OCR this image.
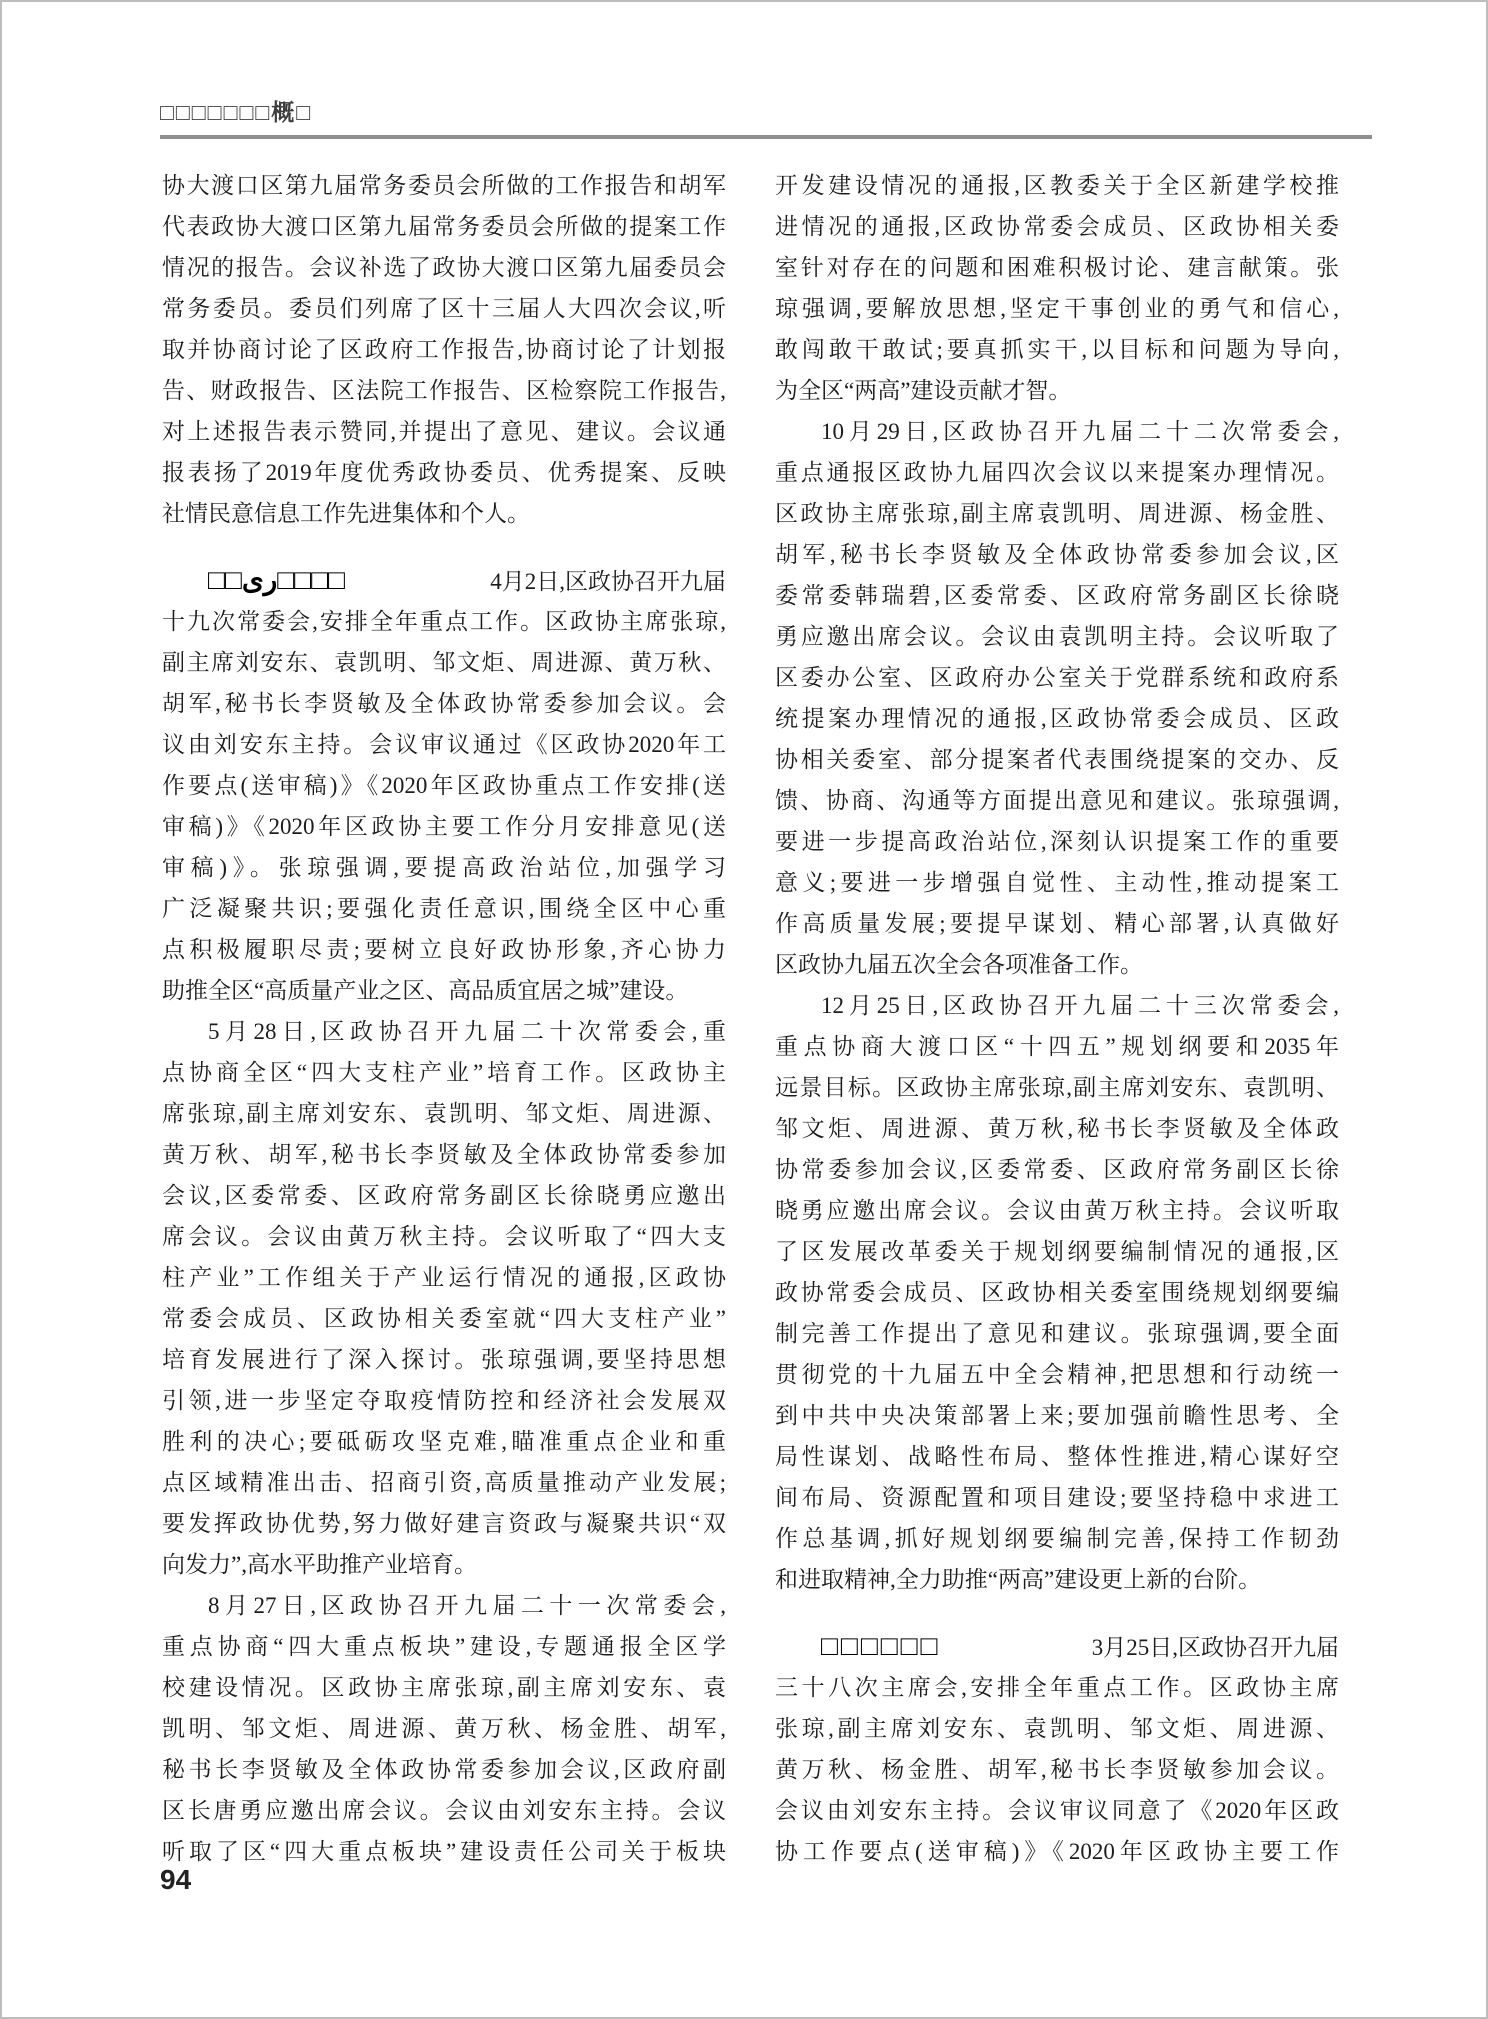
□□□□□□□概□
协大渡口区第九届常务委员会所做的工作报告和胡军
代表政协大渡口区第九届常务委员会所做的提案工作
情况的报告。会议补选了政协大渡口区第九届委员会
常务委员。委员们列席了区十三届人大四次会议,听
取并协商讨论了区政府工作报告,协商讨论了计划报
告、财政报告、区法院工作报告、区检察院工作报告,
对上述报告表示赞同,并提出了意见、建议。会议通
报表扬了2019年度优秀政协委员、优秀提案、反映
社情民意信息工作先进集体和个人。
□□رى□□□□	4月2日,区政协召开九届
十九次常委会,安排全年重点工作。区政协主席张琼,
副主席刘安东、袁凯明、邹文炬、周进源、黄万秋、
胡军,秘书长李贤敏及全体政协常委参加会议。会
议由刘安东主持。会议审议通过《区政协2020年工
作要点(送审稿)》《2020年区政协重点工作安排(送
审稿)》《2020年区政协主要工作分月安排意见(送
审稿)》。张琼强调,要提高政治站位,加强学习
广泛凝聚共识;要强化责任意识,围绕全区中心重
点积极履职尽责;要树立良好政协形象,齐心协力
助推全区“高质量产业之区、高品质宜居之城”建设。
5月28日,区政协召开九届二十次常委会,重
点协商全区“四大支柱产业”培育工作。区政协主
席张琼,副主席刘安东、袁凯明、邹文炬、周进源、
黄万秋、胡军,秘书长李贤敏及全体政协常委参加
会议,区委常委、区政府常务副区长徐晓勇应邀出
席会议。会议由黄万秋主持。会议听取了“四大支
柱产业”工作组关于产业运行情况的通报,区政协
常委会成员、区政协相关委室就“四大支柱产业”
培育发展进行了深入探讨。张琼强调,要坚持思想
引领,进一步坚定夺取疫情防控和经济社会发展双
胜利的决心;要砥砺攻坚克难,瞄准重点企业和重
点区域精准出击、招商引资,高质量推动产业发展;
要发挥政协优势,努力做好建言资政与凝聚共识“双
向发力”,高水平助推产业培育。
8月27日,区政协召开九届二十一次常委会,
重点协商“四大重点板块”建设,专题通报全区学
校建设情况。区政协主席张琼,副主席刘安东、袁
凯明、邹文炬、周进源、黄万秋、杨金胜、胡军,
秘书长李贤敏及全体政协常委参加会议,区政府副
区长唐勇应邀出席会议。会议由刘安东主持。会议
听取了区“四大重点板块”建设责任公司关于板块
开发建设情况的通报,区教委关于全区新建学校推
进情况的通报,区政协常委会成员、区政协相关委
室针对存在的问题和困难积极讨论、建言献策。张
琼强调,要解放思想,坚定干事创业的勇气和信心,
敢闯敢干敢试;要真抓实干,以目标和问题为导向,
为全区“两高”建设贡献才智。
10月29日,区政协召开九届二十二次常委会,
重点通报区政协九届四次会议以来提案办理情况。
区政协主席张琼,副主席袁凯明、周进源、杨金胜、
胡军,秘书长李贤敏及全体政协常委参加会议,区
委常委韩瑞碧,区委常委、区政府常务副区长徐晓
勇应邀出席会议。会议由袁凯明主持。会议听取了
区委办公室、区政府办公室关于党群系统和政府系
统提案办理情况的通报,区政协常委会成员、区政
协相关委室、部分提案者代表围绕提案的交办、反
馈、协商、沟通等方面提出意见和建议。张琼强调,
要进一步提高政治站位,深刻认识提案工作的重要
意义;要进一步增强自觉性、主动性,推动提案工
作高质量发展;要提早谋划、精心部署,认真做好
区政协九届五次全会各项准备工作。
12月25日,区政协召开九届二十三次常委会,
重点协商大渡口区“十四五”规划纲要和2035年
远景目标。区政协主席张琼,副主席刘安东、袁凯明、
邹文炬、周进源、黄万秋,秘书长李贤敏及全体政
协常委参加会议,区委常委、区政府常务副区长徐
晓勇应邀出席会议。会议由黄万秋主持。会议听取
了区发展改革委关于规划纲要编制情况的通报,区
政协常委会成员、区政协相关委室围绕规划纲要编
制完善工作提出了意见和建议。张琼强调,要全面
贯彻党的十九届五中全会精神,把思想和行动统一
到中共中央决策部署上来;要加强前瞻性思考、全
局性谋划、战略性布局、整体性推进,精心谋好空
间布局、资源配置和项目建设;要坚持稳中求进工
作总基调,抓好规划纲要编制完善,保持工作韧劲
和进取精神,全力助推“两高”建设更上新的台阶。
□□□□□□	3月25日,区政协召开九届
三十八次主席会,安排全年重点工作。区政协主席
张琼,副主席刘安东、袁凯明、邹文炬、周进源、
黄万秋、杨金胜、胡军,秘书长李贤敏参加会议。
会议由刘安东主持。会议审议同意了《2020年区政
协工作要点(送审稿)》《2020年区政协主要工作
94
